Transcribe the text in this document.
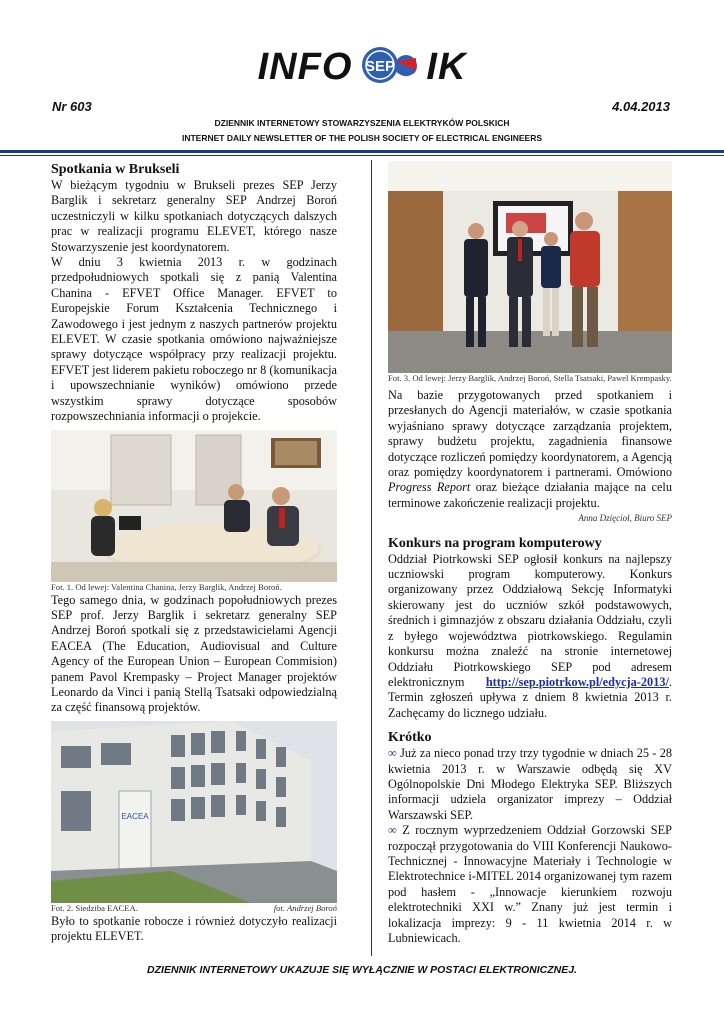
INFO SEP IK
Nr 603	4.04.2013
DZIENNIK INTERNETOWY STOWARZYSZENIA ELEKTRYKÓW POLSKICH
INTERNET DAILY NEWSLETTER OF THE POLISH SOCIETY OF ELECTRICAL ENGINEERS
Spotkania w Brukseli

W bieżącym tygodniu w Brukseli prezes SEP Jerzy Barglik i sekretarz generalny SEP Andrzej Boroń uczestniczyli w kilku spotkaniach dotyczących dalszych prac w realizacji programu ELEVET, którego nasze Stowarzyszenie jest koordynatorem.

W dniu 3 kwietnia 2013 r. w godzinach przedpołudniowych spotkali się z panią Valentina Chanina - EFVET Office Manager. EFVET to Europejskie Forum Kształcenia Technicznego i Zawodowego i jest jednym z naszych partnerów projektu ELEVET. W czasie spotkania omówiono najważniejsze sprawy dotyczące współpracy przy realizacji projektu. EFVET jest liderem pakietu roboczego nr 8 (komunikacja i upowszechnianie wyników) omówiono przede wszystkim sprawy dotyczące sposobów rozpowszechniania informacji o projekcie.

Fot. 1. Od lewej: Valentina Chanina, Jerzy Barglik, Andrzej Boroń.

Tego samego dnia, w godzinach popołudniowych prezes SEP prof. Jerzy Barglik i sekretarz generalny SEP Andrzej Boroń spotkali się z przedstawicielami Agencji EACEA (The Education, Audiovisual and Culture Agency of the European Union – European Commision) panem Pavol Krempasky – Project Manager projektów Leonardo da Vinci i panią Stellą Tsatsaki odpowiedzialną za część finansową projektów.

EACEA
Fot. 2. Siedziba EACEA.	fot. Andrzej Boroń

Było to spotkanie robocze i również dotyczyło realizacji projektu ELEVET.

Fot. 3. Od lewej: Jerzy Barglik, Andrzej Boroń, Stella Tsatsaki, Pawel Krempasky.

Na bazie przygotowanych przed spotkaniem i przesłanych do Agencji materiałów, w czasie spotkania wyjaśniano sprawy dotyczące zarządzania projektem, sprawy budżetu projektu, zagadnienia finansowe dotyczące rozliczeń pomiędzy koordynatorem, a Agencją oraz pomiędzy koordynatorem i partnerami. Omówiono Progress Report oraz bieżące działania mające na celu terminowe zakończenie realizacji projektu.

Anna Dzięcioł, Biuro SEP
Konkurs na program komputerowy

Oddział Piotrkowski SEP ogłosił konkurs na najlepszy uczniowski program komputerowy. Konkurs organizowany przez Oddziałową Sekcję Informatyki skierowany jest do uczniów szkół podstawowych, średnich i gimnazjów z obszaru działania Oddziału, czyli z byłego województwa piotrkowskiego. Regulamin konkursu można znaleźć na stronie internetowej Oddziału Piotrkowskiego SEP pod adresem elektronicznym http://sep.piotrkow.pl/edycja-2013/. Termin zgłoszeń upływa z dniem 8 kwietnia 2013 r. Zachęcamy do licznego udziału.

Krótko

∞ Już za nieco ponad trzy trzy tygodnie w dniach 25 - 28 kwietnia 2013 r. w Warszawie odbędą się XV Ogólnopolskie Dni Młodego Elektryka SEP. Bliższych informacji udziela organizator imprezy – Oddział Warszawski SEP.

∞ Z rocznym wyprzedzeniem Oddział Gorzowski SEP rozpoczął przygotowania do VIII Konferencji Naukowo-Technicznej - Innowacyjne Materiały i Technologie w Elektrotechnice i-MITEL 2014 organizowanej tym razem pod hasłem - „Innowacje kierunkiem rozwoju elektrotechniki XXI w.” Znany już jest termin i lokalizacja imprezy: 9 - 11 kwietnia 2014 r. w Lubniewicach.

DZIENNIK INTERNETOWY UKAZUJE SIĘ WYŁĄCZNIE W POSTACI ELEKTRONICZNEJ.
